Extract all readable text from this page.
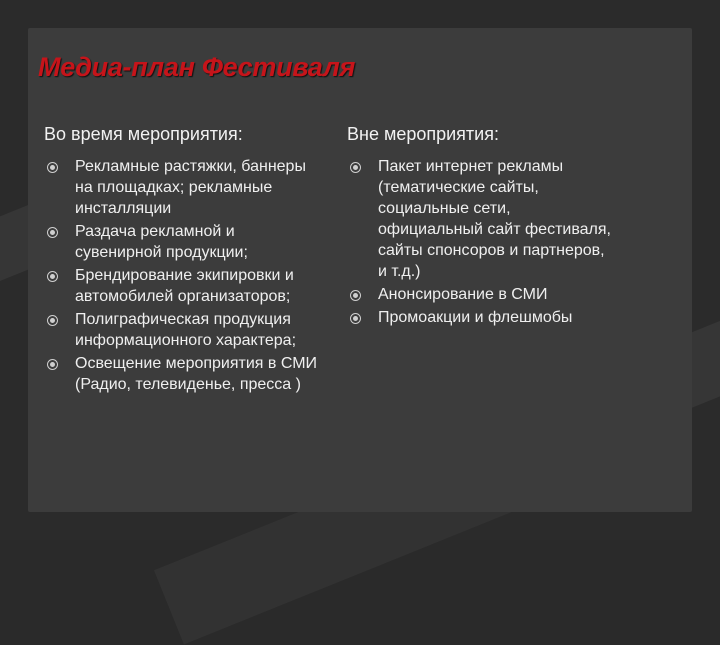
Медиа-план Фестиваля
Во время мероприятия:
Рекламные растяжки, баннеры на площадках; рекламные инсталляции
Раздача рекламной и сувенирной продукции;
Брендирование экипировки и автомобилей организаторов;
Полиграфическая продукция информационного характера;
Освещение мероприятия в СМИ (Радио, телевиденье, пресса )
Вне мероприятия:
Пакет интернет рекламы (тематические сайты, социальные сети, официальный сайт фестиваля, сайты спонсоров и партнеров, и т.д.)
Анонсирование в СМИ
Промоакции и флешмобы
